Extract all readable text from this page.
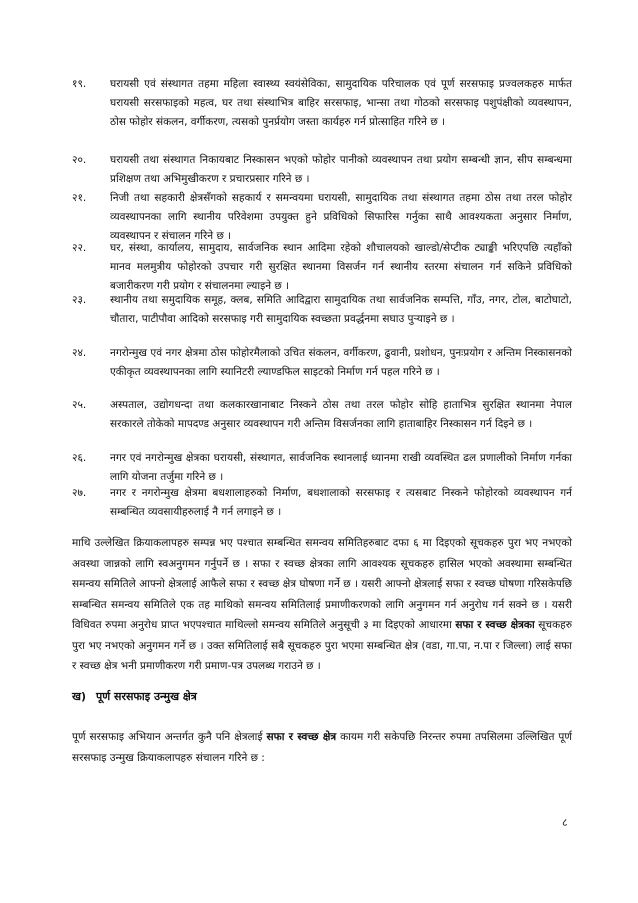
१९.	घरायसी एवं संस्थागत तहमा महिला स्वास्थ्य स्वयंसेविका, सामुदायिक परिचालक एवं पूर्ण सरसफाइ प्रज्वलकहरु मार्फत घरायसी सरसफाइको महत्व, घर तथा संस्थाभित्र बाहिर सरसफाइ, भान्सा तथा गोठको सरसफाइ पशुपंक्षीको व्यवस्थापन, ठोस फोहोर संकलन, वर्गीकरण, त्यसको पुनर्प्रयोग जस्ता कार्यहरु गर्न प्रोत्साहित गरिने छ ।
२०.	घरायसी तथा संस्थागत निकायबाट निस्कासन भएको फोहोर पानीको व्यवस्थापन तथा प्रयोग सम्बन्धी ज्ञान, सीप सम्बन्धमा प्रशिक्षण तथा अभिमुखीकरण र प्रचारप्रसार गरिने छ ।
२१.	निजी तथा सहकारी क्षेत्रसँगको सहकार्य र समन्वयमा घरायसी, सामुदायिक तथा संस्थागत तहमा ठोस तथा तरल फोहोर व्यवस्थापनका लागि स्थानीय परिवेशमा उपयुक्त हुने प्रविधिको सिफारिस गर्नुका साथै आवश्यकता अनुसार निर्माण, व्यवस्थापन र संचालन गरिने छ ।
२२.	घर, संस्था, कार्यालय, सामुदाय, सार्वजनिक स्थान आदिमा रहेको शौचालयको खाल्डो/सेप्टीक ट्याङ्की भरिएपछि त्यहाँको मानव मलमुत्रीय फोहोरको उपचार गरी सुरक्षित स्थानमा विसर्जन गर्न स्थानीय स्तरमा संचालन गर्न सकिने प्रविधिको बजारीकरण गरी प्रयोग र संचालनमा ल्याइने छ ।
२३.	स्थानीय तथा समुदायिक समूह, क्लब, समिति आदिद्वारा सामुदायिक तथा सार्वजनिक सम्पत्ति, गाँउ, नगर, टोल, बाटोघाटो, चौतारा, पाटीपौवा आदिको सरसफाइ गरी सामुदायिक स्वच्छता प्रवर्द्धनमा सघाउ पुऱ्याइने छ ।
२४.	नगरोन्मुख एवं नगर क्षेत्रमा ठोस फोहोरमैलाको उचित संकलन, वर्गीकरण, ढुवानी, प्रशोधन, पुनःप्रयोग र अन्तिम निस्कासनको एकीकृत व्यवस्थापनका लागि स्यानिटरी ल्याण्डफिल साइटको निर्माण गर्न पहल गरिने छ ।
२५.	अस्पताल, उद्योगधन्दा तथा कलकारखानाबाट निस्कने ठोस तथा तरल फोहोर सोहि हाताभित्र सुरक्षित स्थानमा नेपाल सरकारले तोकेको मापदण्ड अनुसार व्यवस्थापन गरी अन्तिम विसर्जनका लागि हाताबाहिर निस्कासन गर्न दिइने छ ।
२६.	नगर एवं नगरोन्मुख क्षेत्रका घरायसी, संस्थागत, सार्वजनिक स्थानलाई ध्यानमा राखी व्यवस्थित ढल प्रणालीको निर्माण गर्नका लागि योजना तर्जुमा गरिने छ ।
२७.	नगर र नगरोन्मुख क्षेत्रमा बधशालाहरुको निर्माण, बधशालाको सरसफाइ र त्यसबाट निस्कने फोहोरको व्यवस्थापन गर्न सम्बन्धित व्यवसायीहरुलाई नै गर्न लगाइने छ ।

माथि उल्लेखित क्रियाकलापहरु सम्पन्न भए पश्चात सम्बन्धित समन्वय समितिहरुबाट दफा ६ मा दिइएको सूचकहरु पुरा भए नभएको अवस्था जान्नको लागि स्वअनुगमन गर्नुपर्ने छ । सफा र स्वच्छ क्षेत्रका लागि आवश्यक सूचकहरु हासिल भएको अवस्थामा सम्बन्धित समन्वय समितिले आफ्नो क्षेत्रलाई आफैले सफा र स्वच्छ क्षेत्र घोषणा गर्ने छ । यसरी आफ्नो क्षेत्रलाई सफा र स्वच्छ घोषणा गरिसकेपछि सम्बन्धित समन्वय समितिले एक तह माथिको समन्वय समितिलाई प्रमाणीकरणको लागि अनुगमन गर्न अनुरोध गर्न सक्ने छ । यसरी विधिवत रुपमा अनुरोध प्राप्त भएपश्चात माथिल्लो समन्वय समितिले अनुसूची ३ मा दिइएको आधारमा सफा र स्वच्छ क्षेत्रका सूचकहरु पुरा भए नभएको अनुगमन गर्ने छ । उक्त समितिलाई सबै सूचकहरु पुरा भएमा सम्बन्धित क्षेत्र (वडा, गा.पा, न.पा र जिल्ला) लाई सफा र स्वच्छ क्षेत्र भनी प्रमाणीकरण गरी प्रमाण-पत्र उपलब्ध गराउने छ ।

ख) पूर्ण सरसफाइ उन्मुख क्षेत्र

पूर्ण सरसफाइ अभियान अन्तर्गत कुनै पनि क्षेत्रलाई सफा र स्वच्छ क्षेत्र कायम गरी सकेपछि निरन्तर रुपमा तपसिलमा उल्लिखित पूर्ण सरसफाइ उन्मुख क्रियाकलापहरु संचालन गरिने छ :

८
